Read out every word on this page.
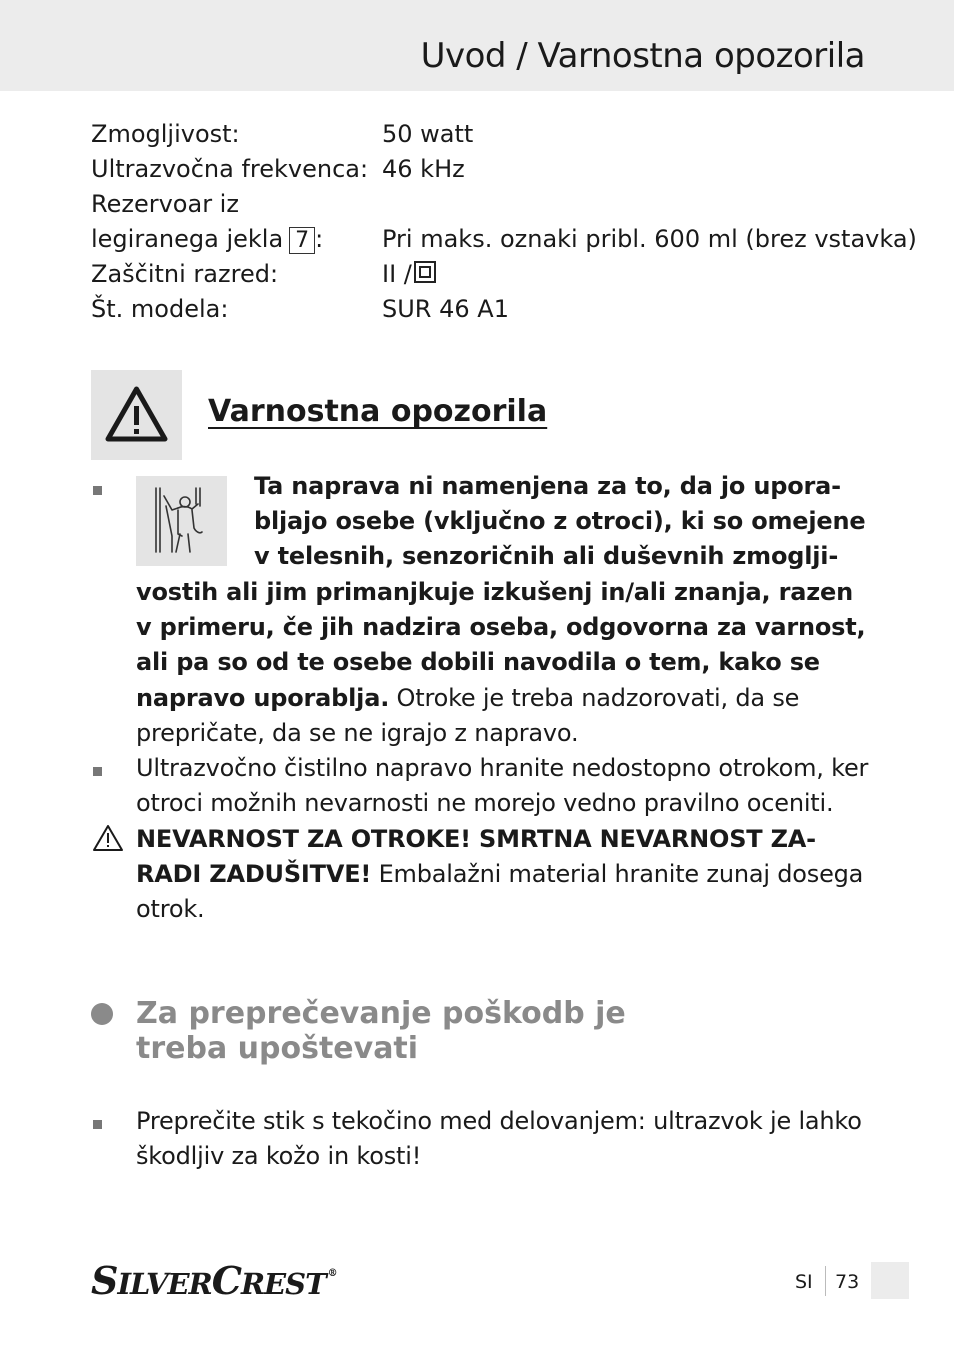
Uvod / Varnostna opozorila
Zmogljivost:	50 watt
Ultrazvočna frekvenca: 46 kHz
Rezervoar iz
legiranega jekla 7 : Pri maks. oznaki pribl. 600 ml (brez vstavka)
Zaščitni razred:	II /
Št. modela:	SUR 46 A1
Varnostna opozorila
Ta naprava ni namenjena za to, da jo upora-
bljajo osebe (vključno z otroci), ki so omejene
v telesnih, senzoričnih ali duševnih zmoglji-
vostih ali jim primanjkuje izkušenj in/ali znanja, razen
v primeru, če jih nadzira oseba, odgovorna za varnost,
ali pa so od te osebe dobili navodila o tem, kako se
napravo uporablja. Otroke je treba nadzorovati, da se
prepričate, da se ne igrajo z napravo.
Ultrazvočno čistilno napravo hranite nedostopno otrokom, ker
otroci možnih nevarnosti ne morejo vedno pravilno oceniti.
NEVARNOST ZA OTROKE! SMRTNA NEVARNOST ZA-
RADI ZADUŠITVE! Embalažni material hranite zunaj dosega
otrok.
Za preprečevanje poškodb je
treba upoštevati
Preprečite stik s tekočino med delovanjem: ultrazvok je lahko
škodljiv za kožo in kosti!
SILVERCREST ®	SI 73
